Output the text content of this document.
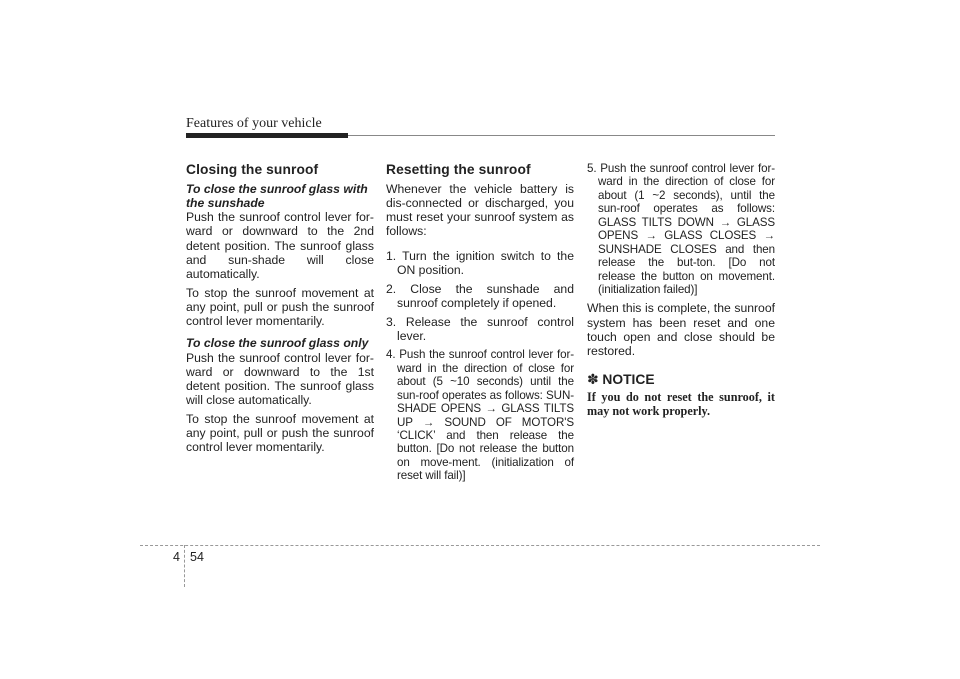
Features of your vehicle
Closing the sunroof
To close the sunroof glass with the sunshade

Push the sunroof control lever for-ward or downward to the 2nd detent position. The sunroof glass and sun-shade will close automatically.

To stop the sunroof movement at any point, pull or push the sunroof control lever momentarily.

To close the sunroof glass only

Push the sunroof control lever for-ward or downward to the 1st detent position. The sunroof glass will close automatically.

To stop the sunroof movement at any point, pull or push the sunroof control lever momentarily.

Resetting the sunroof

Whenever the vehicle battery is dis-connected or discharged, you must reset your sunroof system as follows:

1. Turn the ignition switch to the ON position.
2. Close the sunshade and sunroof completely if opened.
3. Release the sunroof control lever.
4. Push the sunroof control lever for-ward in the direction of close for about (5 ~10 seconds) until the sun-roof operates as follows: SUN-SHADE OPENS → GLASS TILTS UP → SOUND OF MOTOR'S ‘CLICK’ and then release the button. [Do not release the button on move-ment. (initialization of reset will fail)]
5. Push the sunroof control lever for-ward in the direction of close for about (1 ~2 seconds), until the sun-roof operates as follows: GLASS TILTS DOWN → GLASS OPENS → GLASS CLOSES → SUNSHADE CLOSES and then release the but-ton. [Do not release the button on movement. (initialization failed)]

When this is complete, the sunroof system has been reset and one touch open and close should be restored.

✽ NOTICE

If you do not reset the sunroof, it may not work properly.

4 54
